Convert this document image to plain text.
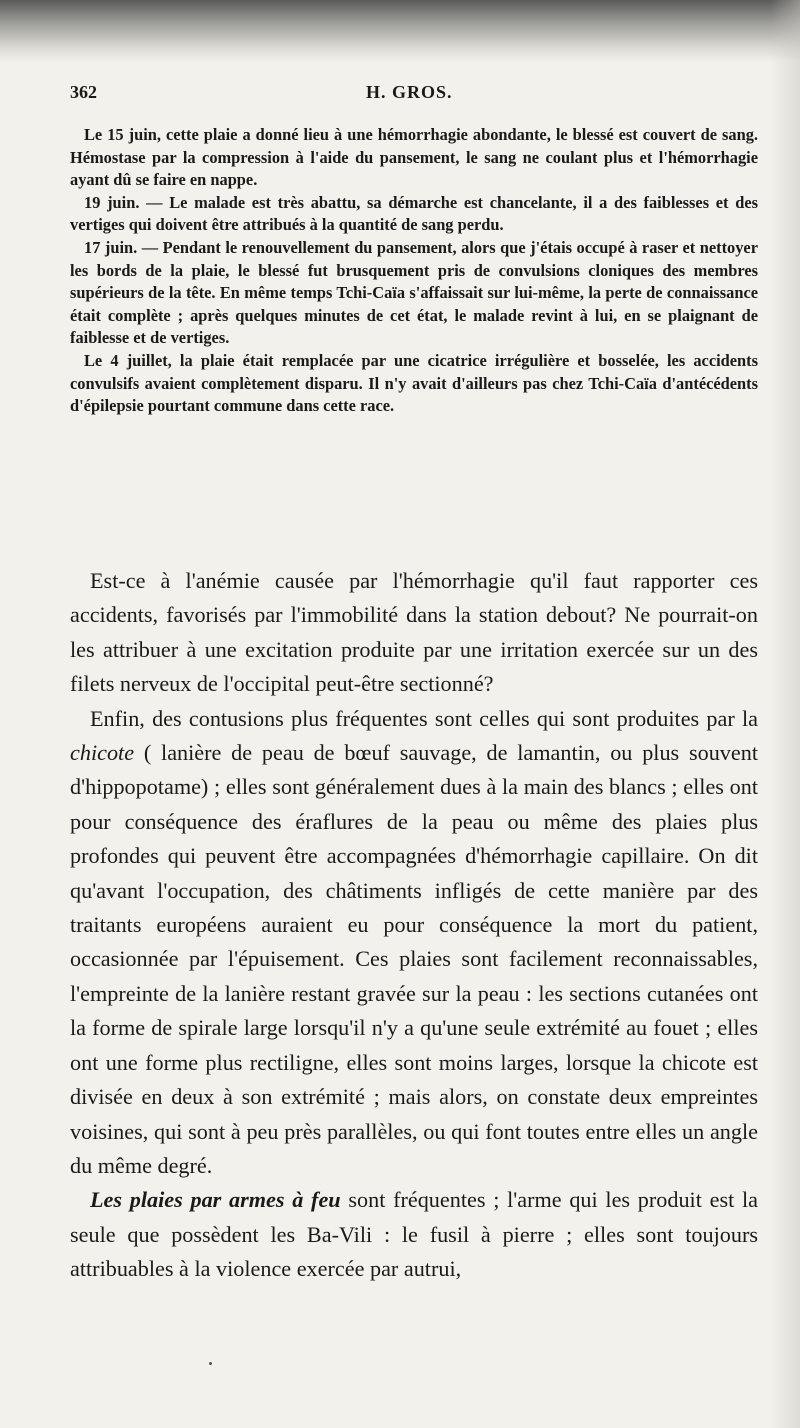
362	H. GROS.

Le 15 juin, cette plaie a donné lieu à une hémorrhagie abondante, le blessé est couvert de sang. Hémostase par la compression à l'aide du pansement, le sang ne coulant plus et l'hémorrhagie ayant dû se faire en nappe.

19 juin. — Le malade est très abattu, sa démarche est chancelante, il a des faiblesses et des vertiges qui doivent être attribués à la quantité de sang perdu.

17 juin. — Pendant le renouvellement du pansement, alors que j'étais occupé à raser et nettoyer les bords de la plaie, le blessé fut brusquement pris de convulsions cloniques des membres supérieurs de la tête. En même temps Tchi-Caïa s'affaissait sur lui-même, la perte de connaissance était complète ; après quelques minutes de cet état, le malade revint à lui, en se plaignant de faiblesse et de vertiges.

Le 4 juillet, la plaie était remplacée par une cicatrice irrégulière et bosselée, les accidents convulsifs avaient complètement disparu. Il n'y avait d'ailleurs pas chez Tchi-Caïa d'antécédents d'épilepsie pourtant commune dans cette race.

Est-ce à l'anémie causée par l'hémorrhagie qu'il faut rapporter ces accidents, favorisés par l'immobilité dans la station debout? Ne pourrait-on les attribuer à une excitation produite par une irritation exercée sur un des filets nerveux de l'occipital peut-être sectionné?

Enfin, des contusions plus fréquentes sont celles qui sont produites par la chicote ( lanière de peau de bœuf sauvage, de lamantin, ou plus souvent d'hippopotame) ; elles sont généralement dues à la main des blancs ; elles ont pour conséquence des éraflures de la peau ou même des plaies plus profondes qui peuvent être accompagnées d'hémorrhagie capillaire. On dit qu'avant l'occupation, des châtiments infligés de cette manière par des traitants européens auraient eu pour conséquence la mort du patient, occasionnée par l'épuisement. Ces plaies sont facilement reconnaissables, l'empreinte de la lanière restant gravée sur la peau : les sections cutanées ont la forme de spirale large lorsqu'il n'y a qu'une seule extrémité au fouet ; elles ont une forme plus rectiligne, elles sont moins larges, lorsque la chicote est divisée en deux à son extrémité ; mais alors, on constate deux empreintes voisines, qui sont à peu près parallèles, ou qui font toutes entre elles un angle du même degré.

Les plaies par armes à feu sont fréquentes ; l'arme qui les produit est la seule que possèdent les Ba-Vili : le fusil à pierre ; elles sont toujours attribuables à la violence exercée par autrui,
